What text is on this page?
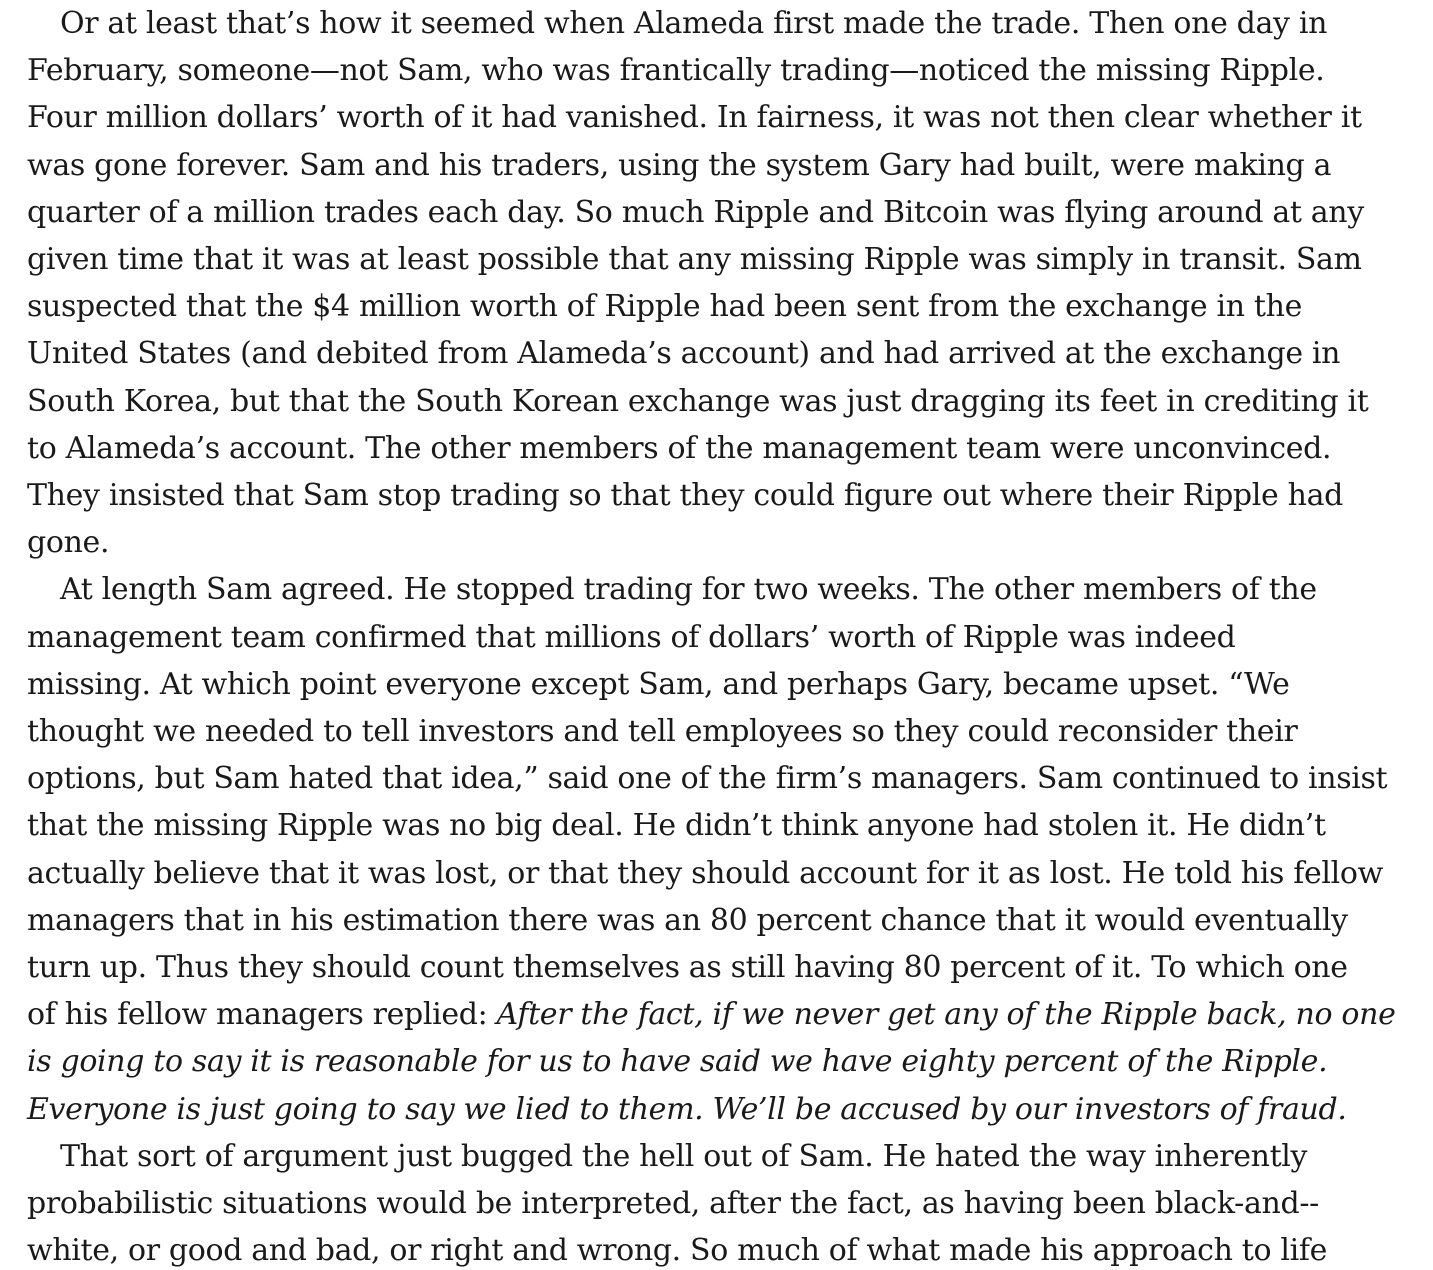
Or at least that’s how it seemed when Alameda first made the trade. Then one day in
February, someone—not Sam, who was frantically trading—noticed the missing Ripple.
Four million dollars’ worth of it had vanished. In fairness, it was not then clear whether it
was gone forever. Sam and his traders, using the system Gary had built, were making a
quarter of a million trades each day. So much Ripple and Bitcoin was flying around at any
given time that it was at least possible that any missing Ripple was simply in transit. Sam
suspected that the $4 million worth of Ripple had been sent from the exchange in the
United States (and debited from Alameda’s account) and had arrived at the exchange in
South Korea, but that the South Korean exchange was just dragging its feet in crediting it
to Alameda’s account. The other members of the management team were unconvinced.
They insisted that Sam stop trading so that they could figure out where their Ripple had
gone.
At length Sam agreed. He stopped trading for two weeks. The other members of the
management team confirmed that millions of dollars’ worth of Ripple was indeed
missing. At which point everyone except Sam, and perhaps Gary, became upset. “We
thought we needed to tell investors and tell employees so they could reconsider their
options, but Sam hated that idea,” said one of the firm’s managers. Sam continued to insist
that the missing Ripple was no big deal. He didn’t think anyone had stolen it. He didn’t
actually believe that it was lost, or that they should account for it as lost. He told his fellow
managers that in his estimation there was an 80 percent chance that it would eventually
turn up. Thus they should count themselves as still having 80 percent of it. To which one
of his fellow managers replied: After the fact, if we never get any of the Ripple back, no one
is going to say it is reasonable for us to have said we have eighty percent of the Ripple.
Everyone is just going to say we lied to them. We’ll be accused by our investors of fraud.
That sort of argument just bugged the hell out of Sam. He hated the way inherently
probabilistic situations would be interpreted, after the fact, as having been black-and--
white, or good and bad, or right and wrong. So much of what made his approach to life
